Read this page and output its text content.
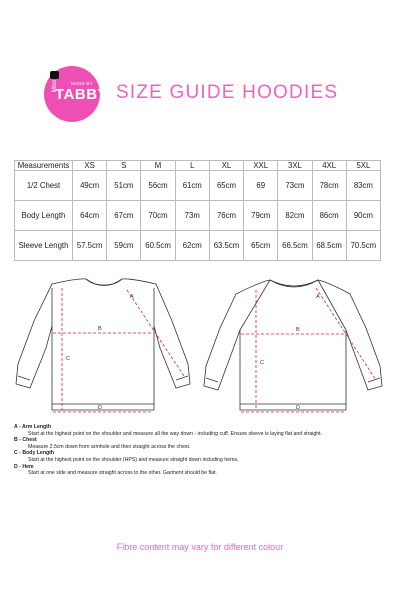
MADE BY
Miss
TABBY SIZE GUIDE HOODIES
Measurements	XS	S	M	L	XL	XXL	3XL	4XL	5XL
1/2 Chest	49cm	51cm	56cm	61cm	65cm	69	73cm	78cm	83cm
Body Length	64cm	67cm	70cm	73m	76cm	79cm	82cm	86cm	90cm
Sleeve Length	57.5cm	59cm	60.5cm	62cm	63.5cm	65cm	66.5cm	68.5cm	70.5cm
A
B
C
D
A
B
C
D
A - Arm Length
Start at the highest point on the shoulder and measure all the way down - including cuff. Ensure sleeve is laying flat and straight.
B - Chest
Measure 2.5cm down from armhole and then straight across the chest.
C - Body Length
Start at the highest point on the shoulder (HPS) and measure straight down including hems.
D - Hem
Start at one side and measure straight across to the other. Garment should be flat.
Fibre content may vary for different colour
